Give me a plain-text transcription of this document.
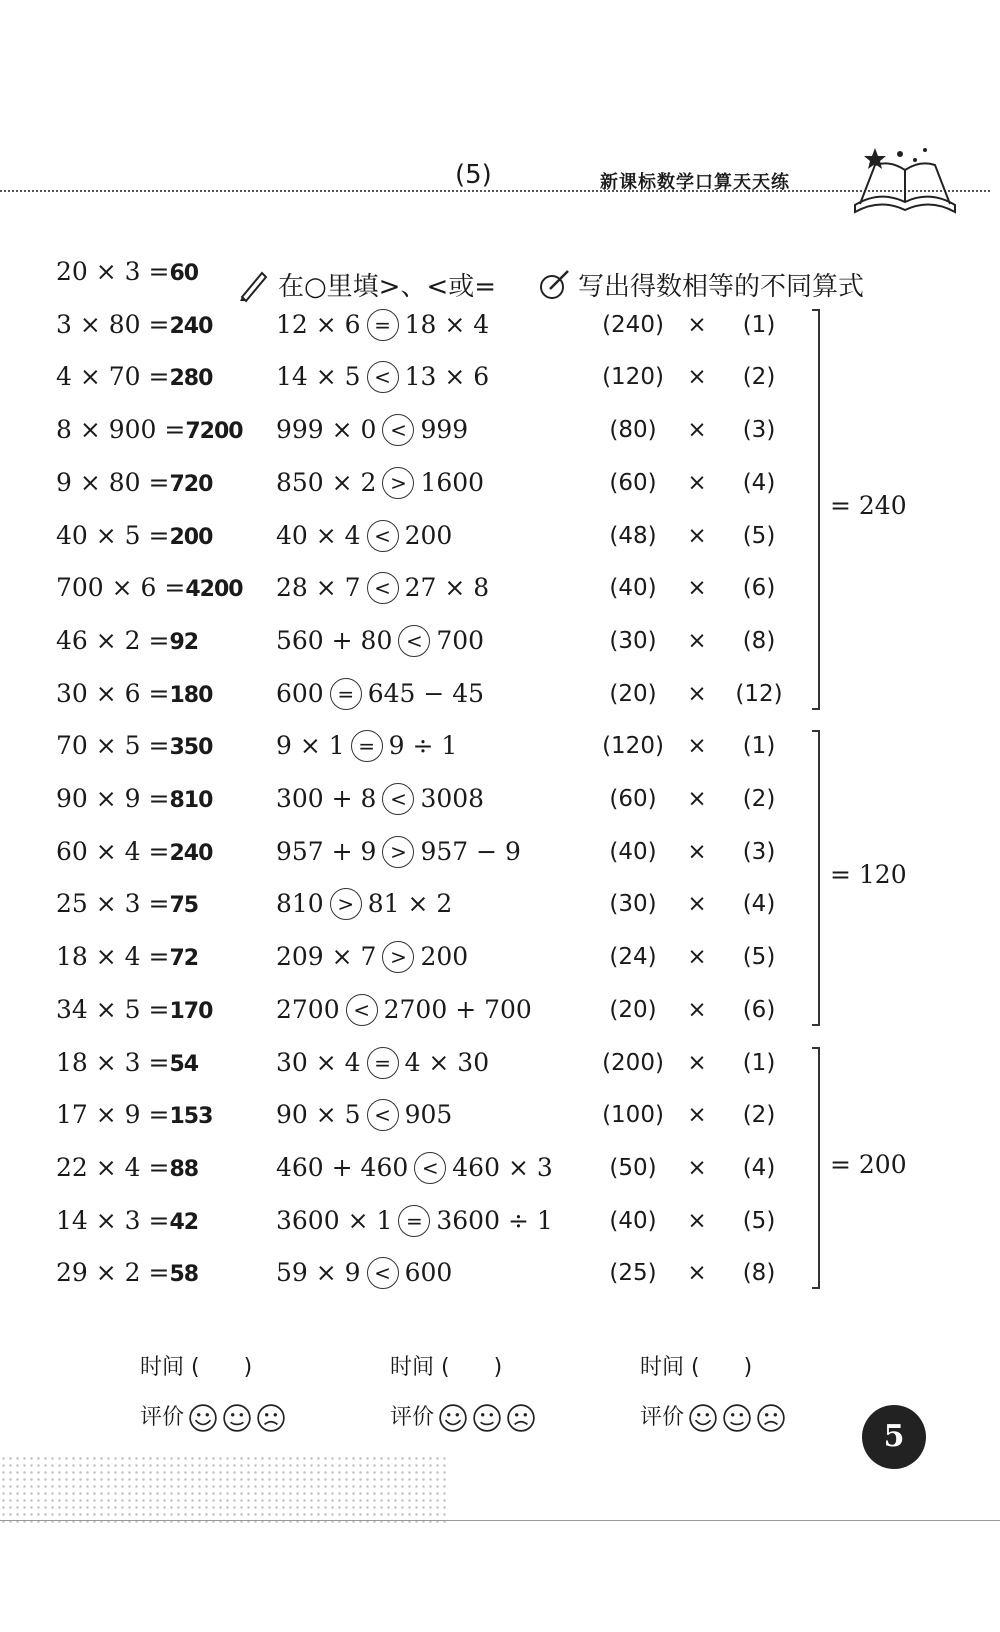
(5)	新课标数学口算天天练
在○里填>、<或=	写出得数相等的不同算式
20 × 3 =60
3 × 80 =240
4 × 70 =280
8 × 900 =7200
9 × 80 =720
40 × 5 =200
700 × 6 =4200
46 × 2 =92
30 × 6 =180
70 × 5 =350
90 × 9 =810
60 × 4 =240
25 × 3 =75
18 × 4 =72
34 × 5 =170
18 × 3 =54
17 × 9 =153
22 × 4 =88
14 × 3 =42
29 × 2 =58
12 × 6 = 18 × 4
14 × 5 < 13 × 6
999 × 0 < 999
850 × 2 > 1600
40 × 4 < 200
28 × 7 < 27 × 8
560 + 80 < 700
600 = 645 − 45
9 × 1 = 9 ÷ 1
300 + 8 < 3008
957 + 9 > 957 − 9
810 > 81 × 2
209 × 7 > 200
2700 < 2700 + 700
30 × 4 = 4 × 30
90 × 5 < 905
460 + 460 < 460 × 3
3600 × 1 = 3600 ÷ 1
59 × 9 < 600
(240)	×	(1)
(120)	×	(2)
(80)	×	(3)
(60)	×	(4)
(48)	×	(5)
(40)	×	(6)
(30)	×	(8)
(20)	×	(12)
= 240
(120)	×	(1)
(60)	×	(2)
(40)	×	(3)
(30)	×	(4)
(24)	×	(5)
(20)	×	(6)
= 120
(200)	×	(1)
(100)	×	(2)
(50)	×	(4)
(40)	×	(5)
(25)	×	(8)
= 200
时间 (　　)
评价
时间 (　　)
评价
时间 (　　)
评价
5
